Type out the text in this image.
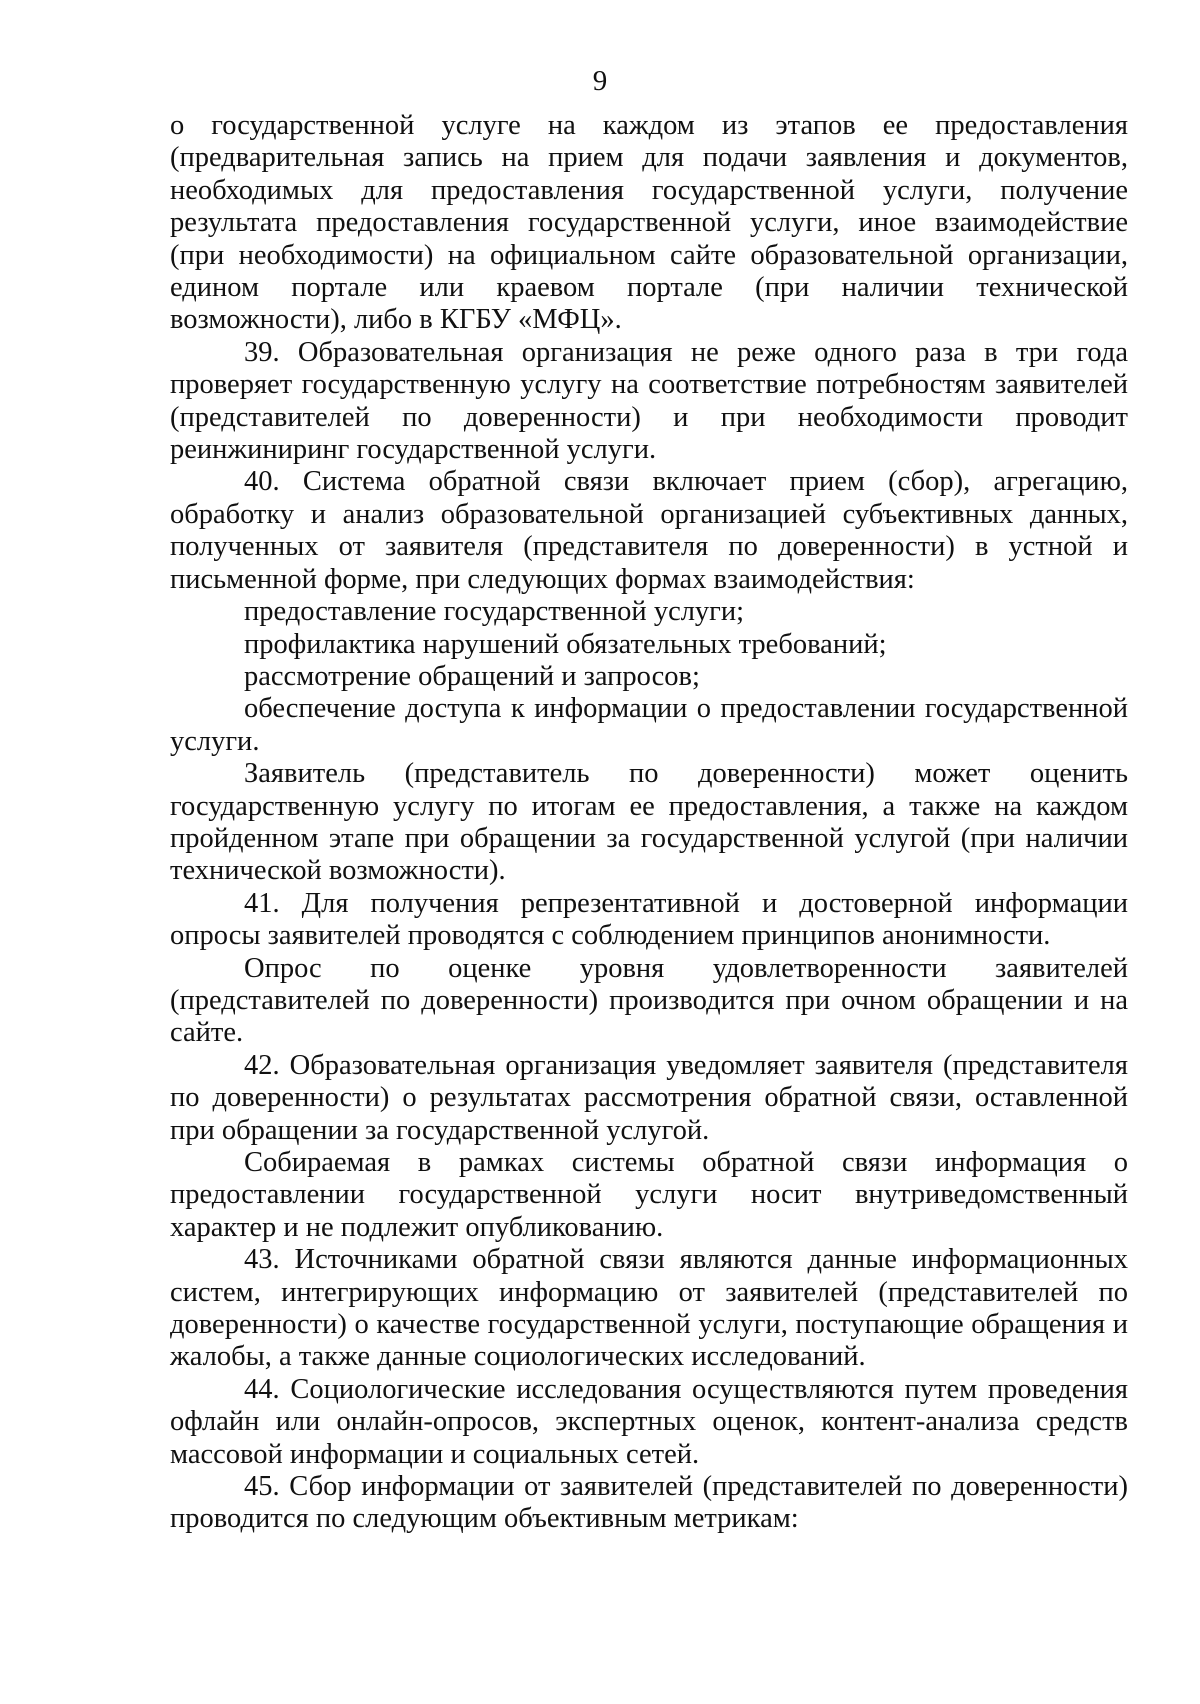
9

о государственной услуге на каждом из этапов ее предоставления (предварительная запись на прием для подачи заявления и документов, необходимых для предоставления государственной услуги, получение результата предоставления государственной услуги, иное взаимодействие (при необходимости) на официальном сайте образовательной организации, едином портале или краевом портале (при наличии технической возможности), либо в КГБУ «МФЦ».

39. Образовательная организация не реже одного раза в три года проверяет государственную услугу на соответствие потребностям заявителей (представителей по доверенности) и при необходимости проводит реинжиниринг государственной услуги.

40. Система обратной связи включает прием (сбор), агрегацию, обработку и анализ образовательной организацией субъективных данных, полученных от заявителя (представителя по доверенности) в устной и письменной форме, при следующих формах взаимодействия:

предоставление государственной услуги;

профилактика нарушений обязательных требований;

рассмотрение обращений и запросов;

обеспечение доступа к информации о предоставлении государственной услуги.

Заявитель (представитель по доверенности) может оценить государственную услугу по итогам ее предоставления, а также на каждом пройденном этапе при обращении за государственной услугой (при наличии технической возможности).

41. Для получения репрезентативной и достоверной информации опросы заявителей проводятся с соблюдением принципов анонимности.

Опрос по оценке уровня удовлетворенности заявителей (представителей по доверенности) производится при очном обращении и на сайте.

42. Образовательная организация уведомляет заявителя (представителя по доверенности) о результатах рассмотрения обратной связи, оставленной при обращении за государственной услугой.

Собираемая в рамках системы обратной связи информация о предоставлении государственной услуги носит внутриведомственный характер и не подлежит опубликованию.

43. Источниками обратной связи являются данные информационных систем, интегрирующих информацию от заявителей (представителей по доверенности) о качестве государственной услуги, поступающие обращения и жалобы, а также данные социологических исследований.

44. Социологические исследования осуществляются путем проведения офлайн или онлайн-опросов, экспертных оценок, контент-анализа средств массовой информации и социальных сетей.

45. Сбор информации от заявителей (представителей по доверенности) проводится по следующим объективным метрикам:
